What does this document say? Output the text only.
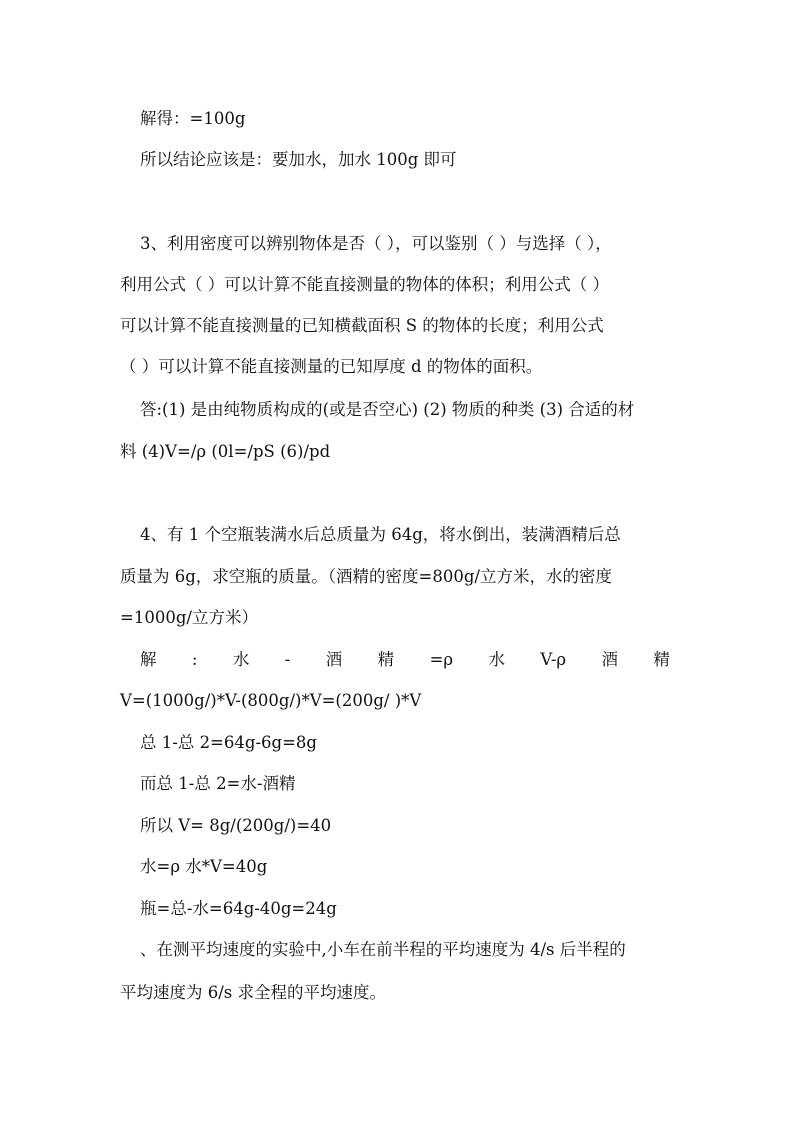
解得：=100g
所以结论应该是：要加水，加水 100g 即可
3、利用密度可以辨别物体是否（ ），可以鉴别（ ）与选择（ ），
利用公式（ ）可以计算不能直接测量的物体的体积；利用公式（ ）
可以计算不能直接测量的已知横截面积 S 的物体的长度；利用公式
（ ）可以计算不能直接测量的已知厚度 d 的物体的面积。
答:(1) 是由纯物质构成的(或是否空心) (2) 物质的种类 (3) 合适的材
料 (4)V=/ρ (0l=/pS (6)/pd
4、有 1 个空瓶装满水后总质量为 64g，将水倒出，装满酒精后总
质量为 6g，求空瓶的质量。（酒精的密度=800g/立方米，水的密度
=1000g/立方米）
解 : 水 - 酒 精 =ρ 水 V-ρ 酒 精
V=(1000g/)*V-(800g/)*V=(200g/ )*V
总 1-总 2=64g-6g=8g
而总 1-总 2=水-酒精
所以 V= 8g/(200g/)=40
水=ρ 水*V=40g
瓶=总-水=64g-40g=24g
、在测平均速度的实验中,小车在前半程的平均速度为 4/s 后半程的
平均速度为 6/s 求全程的平均速度。
